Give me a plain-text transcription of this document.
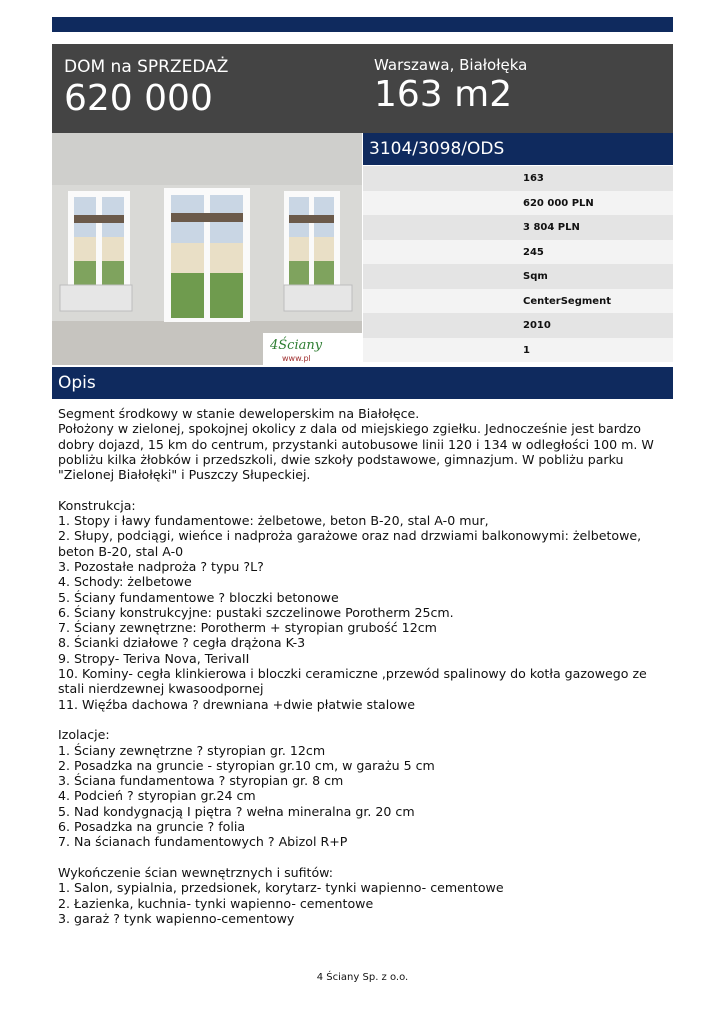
DOM na SPRZEDAŻ
620 000
Warszawa, Białołęka
163 m2
4Ściany
www.pl
3104/3098/ODS
163
620 000 PLN
3 804 PLN
245
Sqm
CenterSegment
2010
1
Opis

Segment środkowy w stanie deweloperskim na Białołęce.

Położony w zielonej, spokojnej okolicy z dala od miejskiego zgiełku. Jednocześnie jest bardzo dobry dojazd, 15 km do centrum, przystanki autobusowe linii 120 i 134 w odległości 100 m. W pobliżu kilka żłobków i przedszkoli, dwie szkoły podstawowe, gimnazjum. W pobliżu parku "Zielonej Białołęki" i Puszczy Słupeckiej.

Konstrukcja:

1. Stopy i ławy fundamentowe: żelbetowe, beton B-20, stal A-0 mur,

2. Słupy, podciągi, wieńce i nadproża garażowe oraz nad drzwiami balkonowymi: żelbetowe, beton B-20, stal A-0

3. Pozostałe nadproża ? typu ?L?

4. Schody: żelbetowe

5. Ściany fundamentowe ? bloczki betonowe

6. Ściany konstrukcyjne: pustaki szczelinowe Porotherm 25cm.

7. Ściany zewnętrzne: Porotherm + styropian grubość 12cm

8. Ścianki działowe ? cegła drążona K-3

9. Stropy- Teriva Nova, TerivaII

10. Kominy- cegła klinkierowa i bloczki ceramiczne ,przewód spalinowy do kotła gazowego ze stali nierdzewnej kwasoodpornej

11. Więźba dachowa ? drewniana +dwie płatwie stalowe

Izolacje:

1. Ściany zewnętrzne ? styropian gr. 12cm

2. Posadzka na gruncie - styropian gr.10 cm, w garażu 5 cm

3. Ściana fundamentowa ? styropian gr. 8 cm

4. Podcień ? styropian gr.24 cm

5. Nad kondygnacją I piętra ? wełna mineralna gr. 20 cm

6. Posadzka na gruncie ? folia

7. Na ścianach fundamentowych ? Abizol R+P

Wykończenie ścian wewnętrznych i sufitów:

1. Salon, sypialnia, przedsionek, korytarz- tynki wapienno- cementowe

2. Łazienka, kuchnia- tynki wapienno- cementowe

3. garaż ? tynk wapienno-cementowy

4 Ściany Sp. z o.o.
